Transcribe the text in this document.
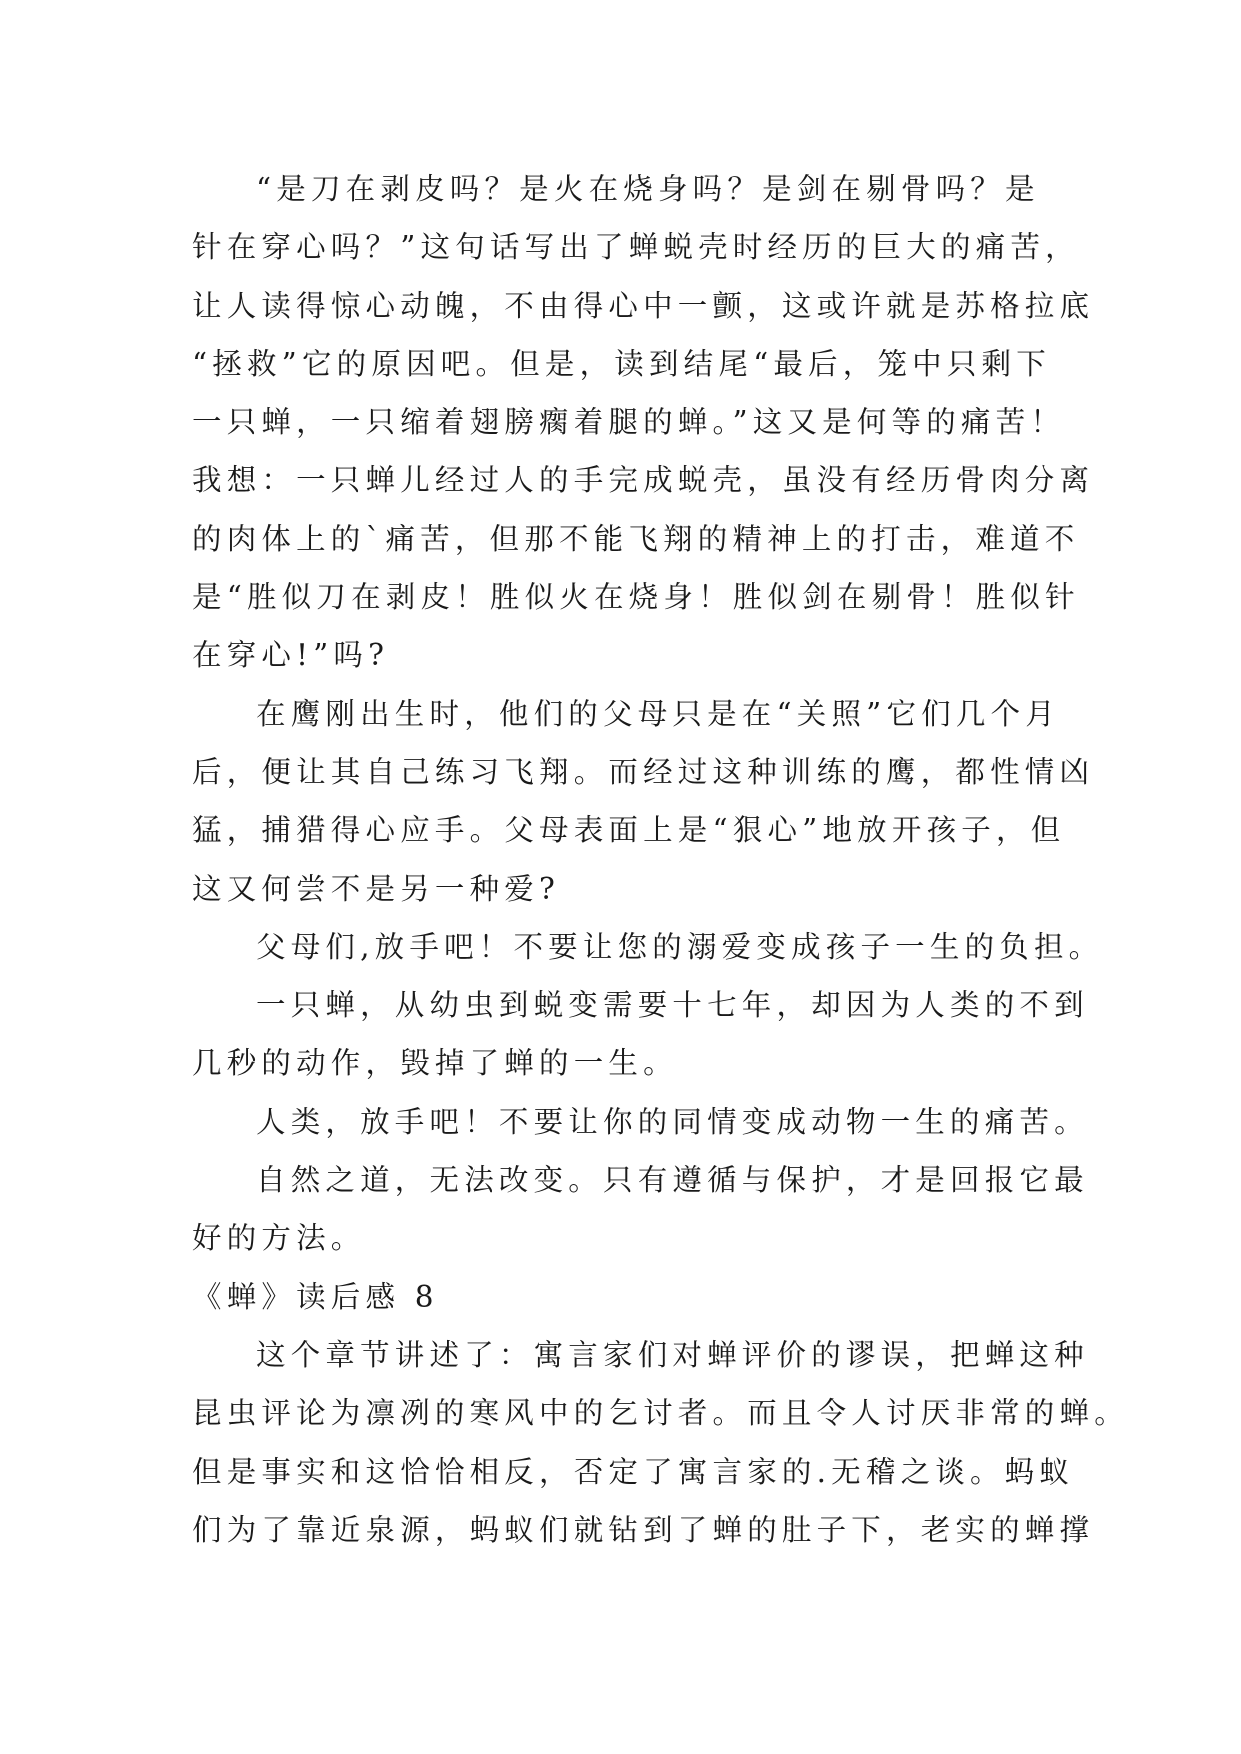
“是刀在剥皮吗？是火在烧身吗？是剑在剔骨吗？是
针在穿心吗？”这句话写出了蝉蜕壳时经历的巨大的痛苦，
让人读得惊心动魄，不由得心中一颤，这或许就是苏格拉底
“拯救”它的原因吧。但是，读到结尾“最后，笼中只剩下
一只蝉，一只缩着翅膀瘸着腿的蝉。”这又是何等的痛苦！
我想：一只蝉儿经过人的手完成蜕壳，虽没有经历骨肉分离
的肉体上的`痛苦，但那不能飞翔的精神上的打击，难道不
是“胜似刀在剥皮！胜似火在烧身！胜似剑在剔骨！胜似针
在穿心!”吗?
在鹰刚出生时，他们的父母只是在“关照”它们几个月
后，便让其自己练习飞翔。而经过这种训练的鹰，都性情凶
猛，捕猎得心应手。父母表面上是“狠心”地放开孩子，但
这又何尝不是另一种爱?
父母们,放手吧！不要让您的溺爱变成孩子一生的负担。
一只蝉，从幼虫到蜕变需要十七年，却因为人类的不到
几秒的动作，毁掉了蝉的一生。
人类，放手吧！不要让你的同情变成动物一生的痛苦。
自然之道，无法改变。只有遵循与保护，才是回报它最
好的方法。
《蝉》读后感 8
这个章节讲述了：寓言家们对蝉评价的谬误，把蝉这种
昆虫评论为凛冽的寒风中的乞讨者。而且令人讨厌非常的蝉。
但是事实和这恰恰相反，否定了寓言家的.无稽之谈。蚂蚁
们为了靠近泉源，蚂蚁们就钻到了蝉的肚子下，老实的蝉撑
